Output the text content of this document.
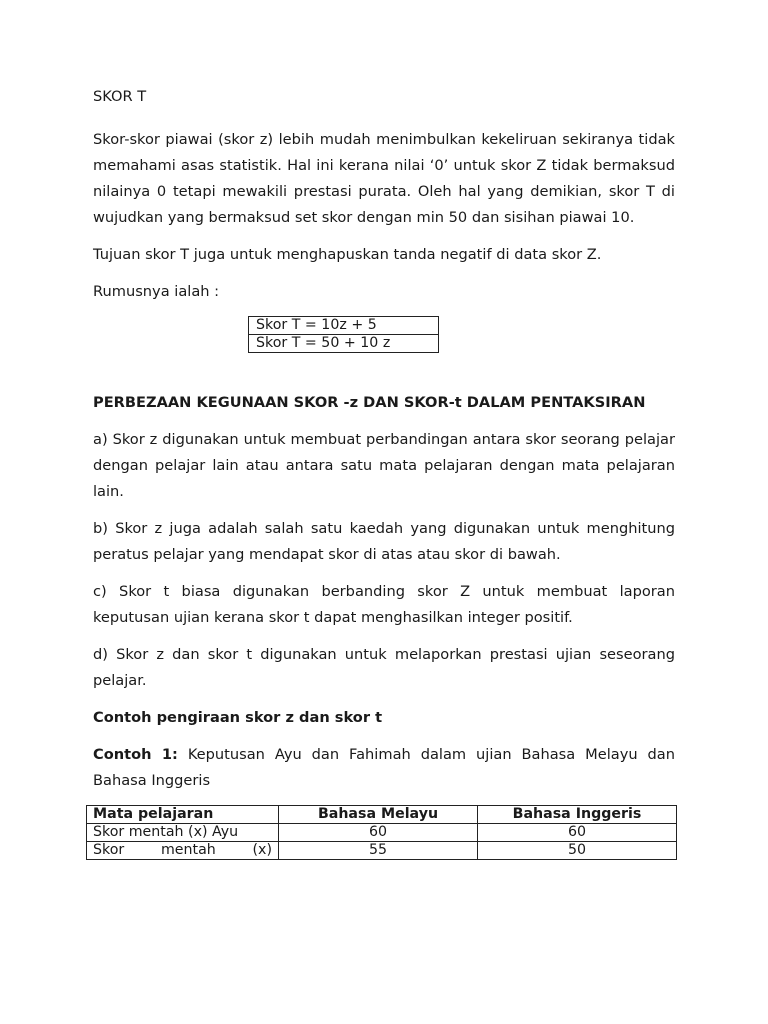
SKOR T

Skor-skor piawai (skor z) lebih mudah menimbulkan kekeliruan sekiranya tidak memahami asas statistik. Hal ini kerana nilai ‘0’ untuk skor Z tidak bermaksud nilainya 0 tetapi mewakili prestasi purata. Oleh hal yang demikian, skor T di wujudkan yang bermaksud set skor dengan min 50 dan sisihan piawai 10.

Tujuan skor T juga untuk menghapuskan tanda negatif di data skor Z.

Rumusnya ialah :

Skor T = 10z + 5
Skor T = 50 + 10 z
PERBEZAAN KEGUNAAN SKOR -z DAN SKOR-t DALAM PENTAKSIRAN

a) Skor z digunakan untuk membuat perbandingan antara skor seorang pelajar dengan pelajar lain atau antara satu mata pelajaran dengan mata pelajaran lain.

b) Skor z juga adalah salah satu kaedah yang digunakan untuk menghitung peratus pelajar yang mendapat skor di atas atau skor di bawah.

c) Skor t biasa digunakan berbanding skor Z untuk membuat laporan keputusan ujian kerana skor t dapat menghasilkan integer positif.

d) Skor z dan skor t digunakan untuk melaporkan prestasi ujian seseorang pelajar.

Contoh pengiraan skor z dan skor t

Contoh 1: Keputusan Ayu dan Fahimah dalam ujian Bahasa Melayu dan Bahasa Inggeris

Mata pelajaran	Bahasa Melayu	Bahasa Inggeris
Skor mentah (x) Ayu	60	60
Skor mentah (x)	55	50
